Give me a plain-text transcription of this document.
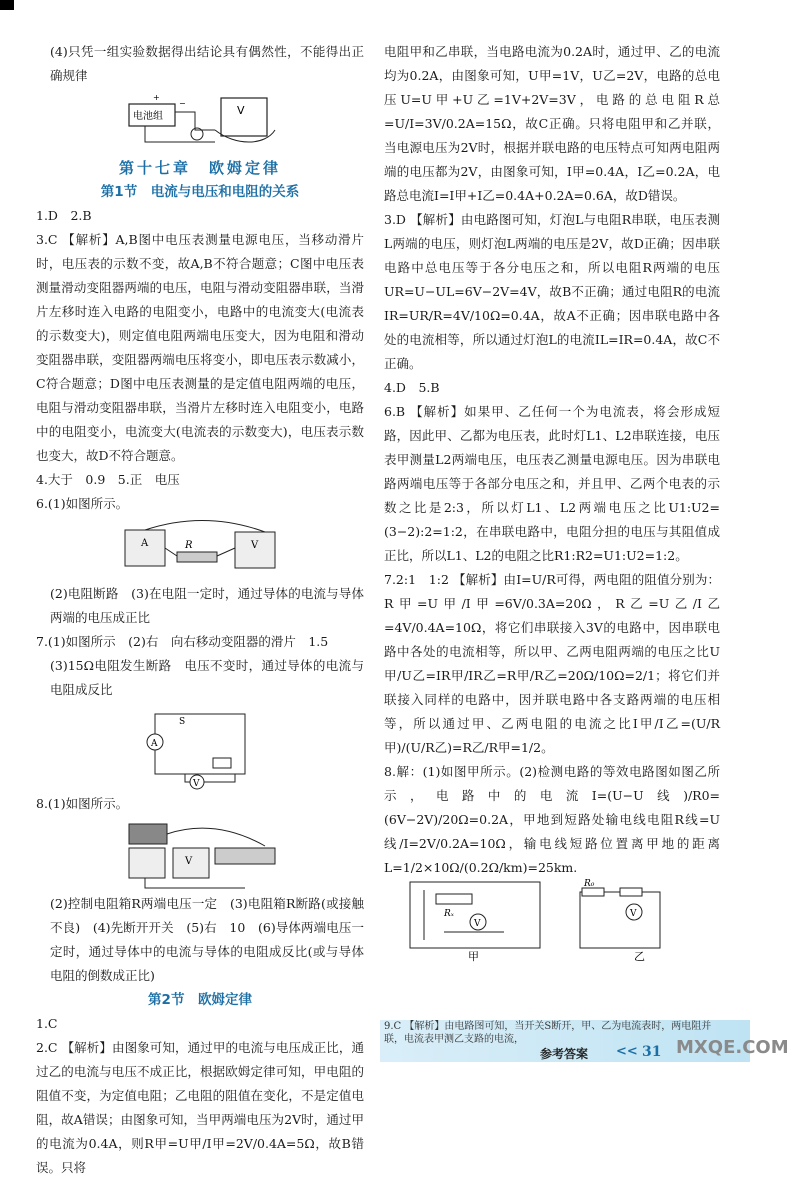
(4)只凭一组实验数据得出结论具有偶然性，不能得出正确规律

电池组	V
−
+

第十七章　欧姆定律

第1节　电流与电压和电阻的关系

1.D　2.B

3.C 【解析】A,B图中电压表测量电源电压，当移动滑片时，电压表的示数不变，故A,B不符合题意；C图中电压表测量滑动变阻器两端的电压，电阻与滑动变阻器串联，当滑片左移时连入电路的电阻变小，电路中的电流变大(电流表的示数变大)，则定值电阻两端电压变大，因为电阻和滑动变阻器串联，变阻器两端电压将变小，即电压表示数减小，C符合题意；D图中电压表测量的是定值电阻两端的电压，电阻与滑动变阻器串联，当滑片左移时连入电阻变小，电路中的电阻变小，电流变大(电流表的示数变大)，电压表示数也变大，故D不符合题意。

4.大于　0.9　5.正　电压

6.(1)如图所示。

A	V
R

(2)电阻断路　(3)在电阻一定时，通过导体的电流与导体两端的电压成正比

7.(1)如图所示　(2)右　向右移动变阻器的滑片　1.5

(3)15Ω电阻发生断路　电压不变时，通过导体的电流与电阻成反比

A
V
S

8.(1)如图所示。

V

(2)控制电阻箱R两端电压一定　(3)电阻箱R断路(或接触不良)　(4)先断开开关　(5)右　10　(6)导体两端电压一定时，通过导体中的电流与导体的电阻成反比(或与导体电阻的倒数成正比)

第2节　欧姆定律

1.C

2.C 【解析】由图象可知，通过甲的电流与电压成正比，通过乙的电流与电压不成正比，根据欧姆定律可知，甲电阻的阻值不变，为定值电阻；乙电阻的阻值在变化，不是定值电阻，故A错误；由图象可知，当甲两端电压为2V时，通过甲的电流为0.4A，则R甲=U甲/I甲=2V/0.4A=5Ω，故B错误。只将

电阻甲和乙串联，当电路电流为0.2A时，通过甲、乙的电流均为0.2A，由图象可知，U甲=1V，U乙=2V，电路的总电压U=U甲+U乙=1V+2V=3V，电路的总电阻R总=U/I=3V/0.2A=15Ω，故C正确。只将电阻甲和乙并联，当电源电压为2V时，根据并联电路的电压特点可知两电阻两端的电压都为2V，由图象可知，I甲=0.4A，I乙=0.2A，电路总电流I=I甲+I乙=0.4A+0.2A=0.6A，故D错误。

3.D 【解析】由电路图可知，灯泡L与电阻R串联，电压表测L两端的电压，则灯泡L两端的电压是2V，故D正确；因串联电路中总电压等于各分电压之和，所以电阻R两端的电压UR=U−UL=6V−2V=4V，故B不正确；通过电阻R的电流IR=UR/R=4V/10Ω=0.4A，故A不正确；因串联电路中各处的电流相等，所以通过灯泡L的电流IL=IR=0.4A，故C不正确。

4.D　5.B

6.B 【解析】如果甲、乙任何一个为电流表，将会形成短路，因此甲、乙都为电压表，此时灯L1、L2串联连接，电压表甲测量L2两端电压，电压表乙测量电源电压。因为串联电路两端电压等于各部分电压之和，并且甲、乙两个电表的示数之比是2:3，所以灯L1、L2两端电压之比U1:U2=(3−2):2=1:2，在串联电路中，电阻分担的电压与其阻值成正比，所以L1、L2的电阻之比R1:R2=U1:U2=1:2。

7.2:1　1:2 【解析】由I=U/R可得，两电阻的阻值分别为：R甲=U甲/I甲=6V/0.3A=20Ω，R乙=U乙/I乙=4V/0.4A=10Ω，将它们串联接入3V的电路中，因串联电路中各处的电流相等，所以甲、乙两电阻两端的电压之比U甲/U乙=IR甲/IR乙=R甲/R乙=20Ω/10Ω=2/1；将它们并联接入同样的电路中，因并联电路中各支路两端的电压相等，所以通过甲、乙两电阻的电流之比I甲/I乙=(U/R甲)/(U/R乙)=R乙/R甲=1/2。

8.解：(1)如图甲所示。(2)检测电路的等效电路图如图乙所示，电路中的电流I=(U−U线)/R0=(6V−2V)/20Ω=0.2A，甲地到短路处输电线电阻R线=U线/I=2V/0.2A=10Ω，输电线短路位置离甲地的距离L=1/2×10Ω/(0.2Ω/km)=25km.

Rₓ
V
甲
R₀
V
乙
9.C 【解析】由电路图可知，当开关S断开，甲、乙为电流表时，两电阻并联，电流表甲测乙支路的电流，
参考答案 << 31 MXQE.COM
